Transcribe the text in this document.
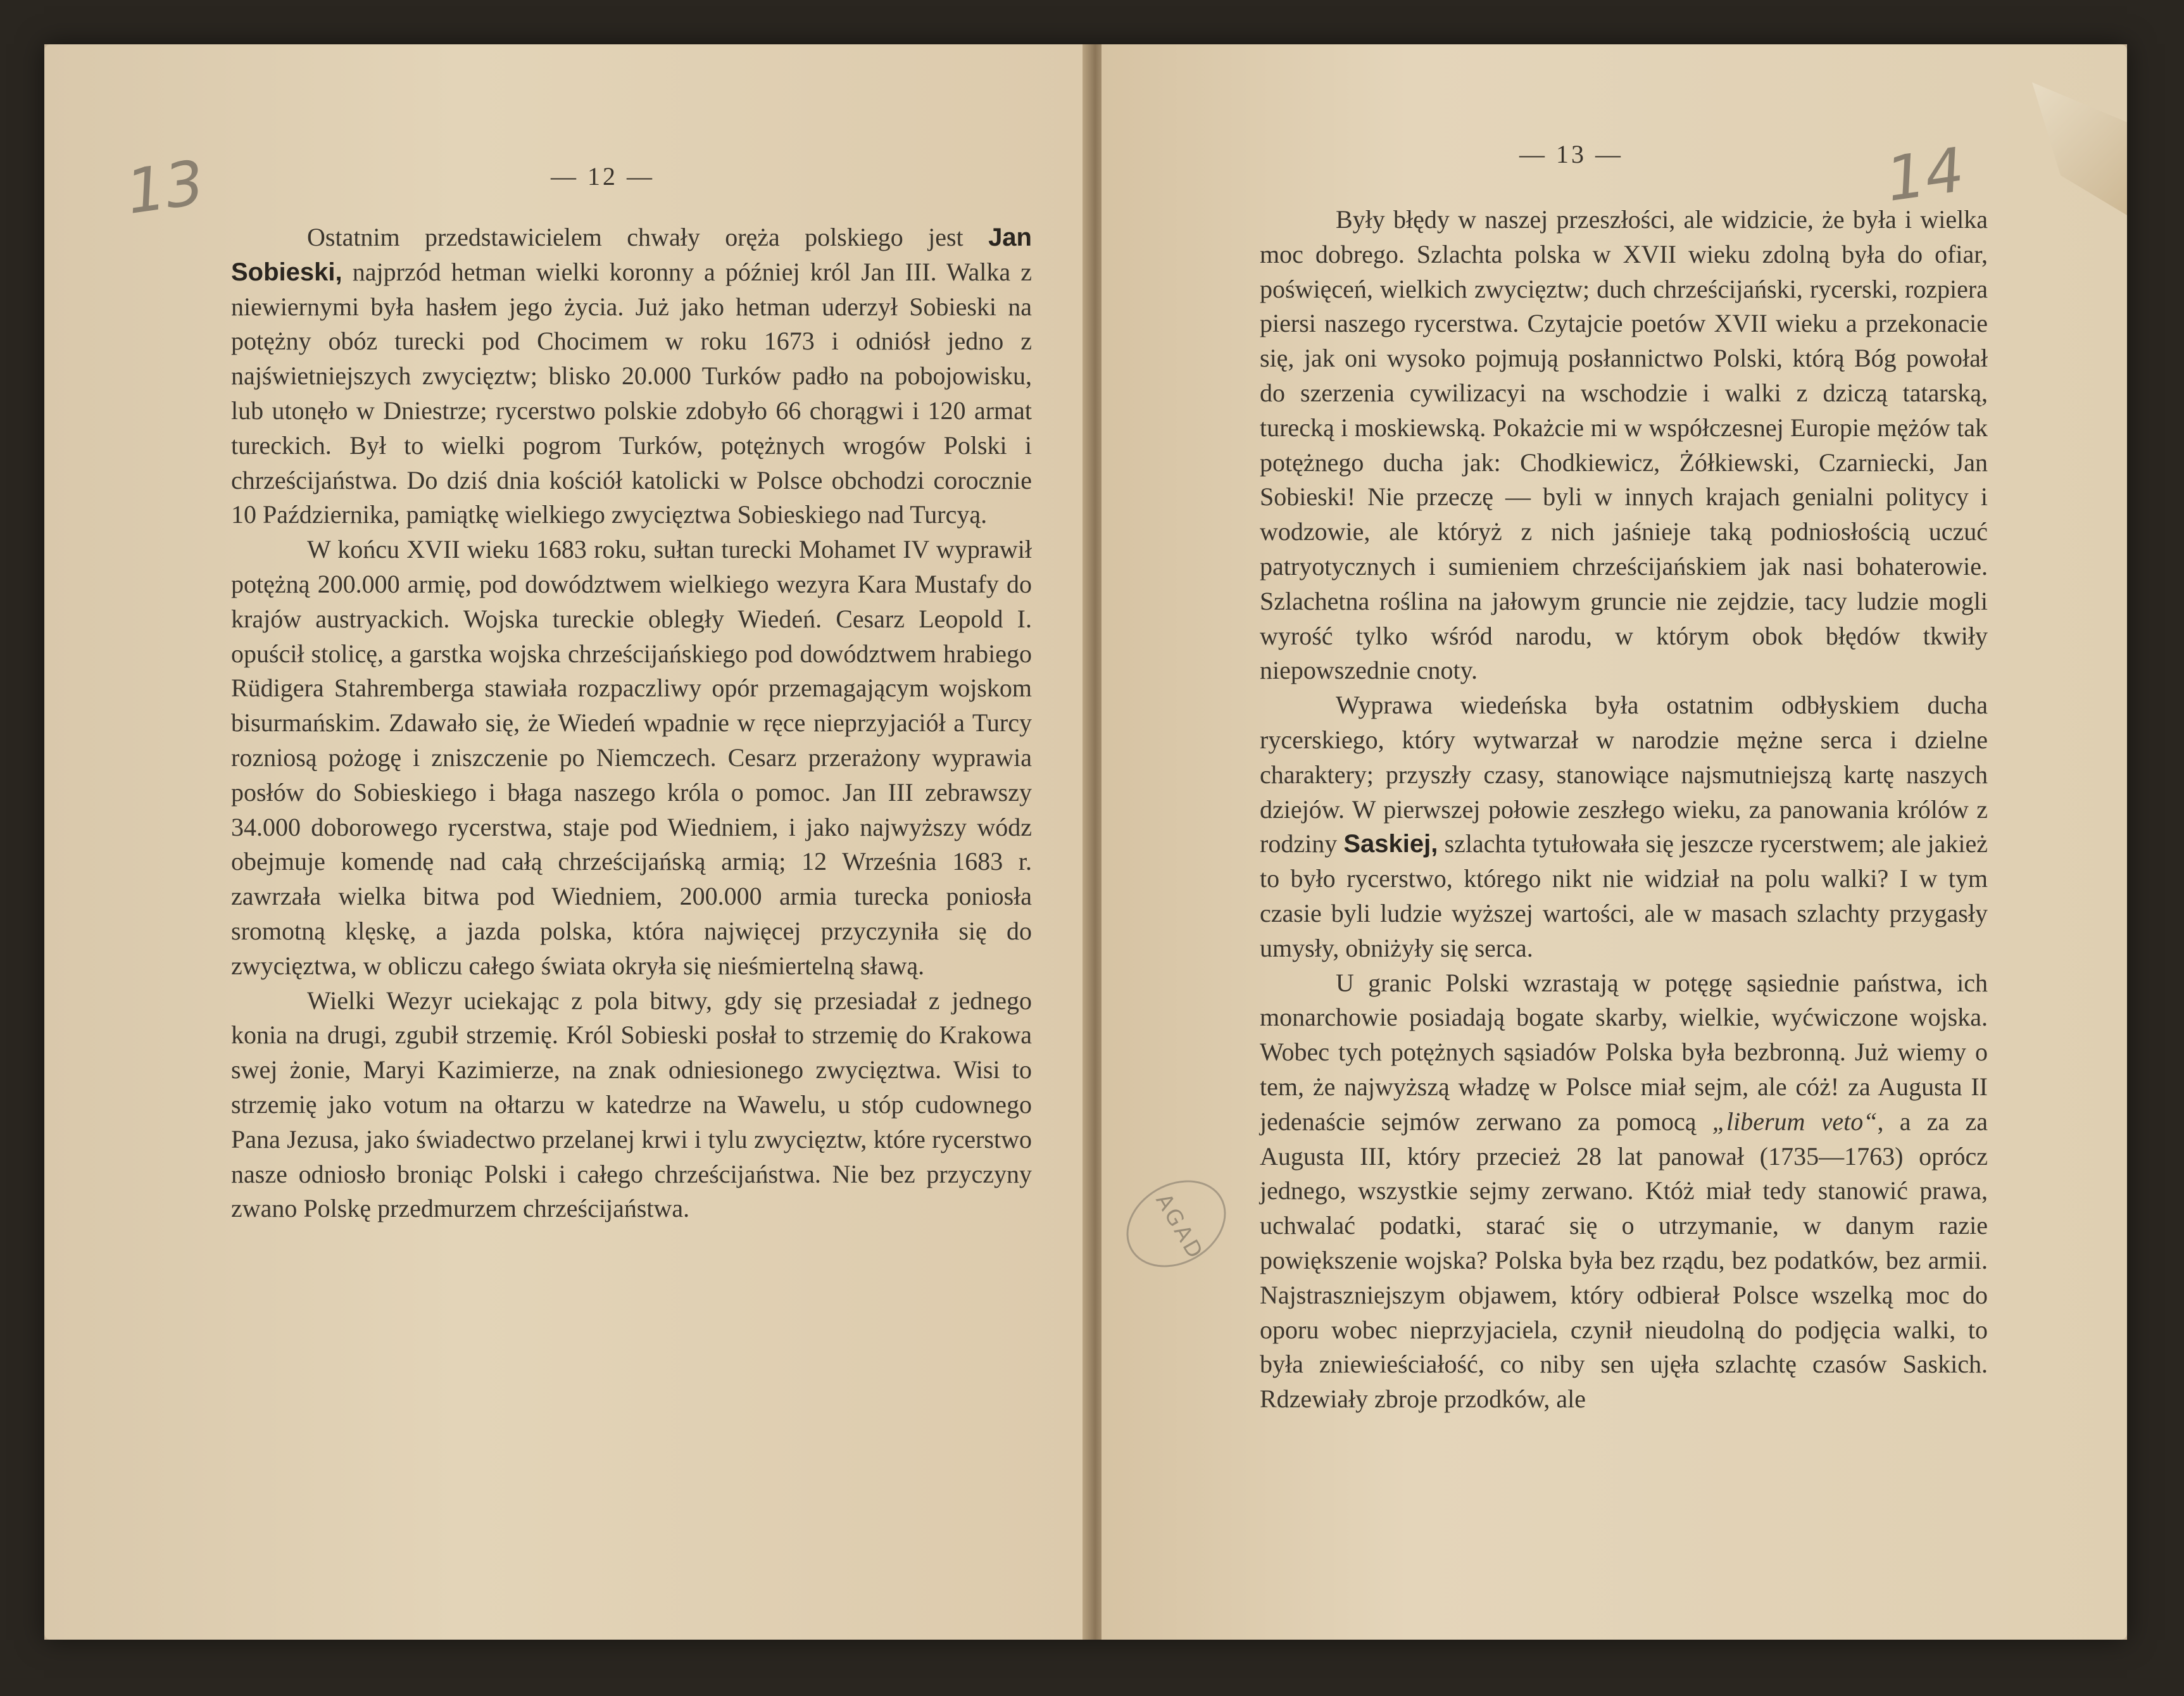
13	— 12 —

Ostatnim przedstawicielem chwały oręża polskiego jest Jan Sobieski, najprzód hetman wielki koronny a później król Jan III. Walka z niewiernymi była hasłem jego życia. Już jako hetman uderzył Sobieski na potężny obóz turecki pod Chocimem w roku 1673 i odniósł jedno z najświetniejszych zwycięztw; blisko 20.000 Turków padło na pobojowisku, lub utonęło w Dniestrze; rycerstwo polskie zdobyło 66 chorągwi i 120 armat tureckich. Był to wielki pogrom Turków, potężnych wrogów Polski i chrześcijaństwa. Do dziś dnia kościół katolicki w Polsce obchodzi corocznie 10 Października, pamiątkę wielkiego zwycięztwa Sobieskiego nad Turcyą.

W końcu XVII wieku 1683 roku, sułtan turecki Mohamet IV wyprawił potężną 200.000 armię, pod dowództwem wielkiego wezyra Kara Mustafy do krajów austryackich. Wojska tureckie obległy Wiedeń. Cesarz Leopold I. opuścił stolicę, a garstka wojska chrześcijańskiego pod dowództwem hrabiego Rüdigera Stahremberga stawiała rozpaczliwy opór przemagającym wojskom bisurmańskim. Zdawało się, że Wiedeń wpadnie w ręce nieprzyjaciół a Turcy rozniosą pożogę i zniszczenie po Niemczech. Cesarz przerażony wyprawia posłów do Sobieskiego i błaga naszego króla o pomoc. Jan III zebrawszy 34.000 doborowego rycerstwa, staje pod Wiedniem, i jako najwyższy wódz obejmuje komendę nad całą chrześcijańską armią; 12 Września 1683 r. zawrzała wielka bitwa pod Wiedniem, 200.000 armia turecka poniosła sromotną klęskę, a jazda polska, która najwięcej przyczyniła się do zwycięztwa, w obliczu całego świata okryła się nieśmiertelną sławą.

Wielki Wezyr uciekając z pola bitwy, gdy się przesiadał z jednego konia na drugi, zgubił strzemię. Król Sobieski posłał to strzemię do Krakowa swej żonie, Maryi Kazimierze, na znak odniesionego zwycięztwa. Wisi to strzemię jako votum na ołtarzu w katedrze na Wawelu, u stóp cudownego Pana Jezusa, jako świadectwo przelanej krwi i tylu zwycięztw, które rycerstwo nasze odniosło broniąc Polski i całego chrześcijaństwa. Nie bez przyczyny zwano Polskę przedmurzem chrześcijaństwa.

14
— 13 —

Były błędy w naszej przeszłości, ale widzicie, że była i wielka moc dobrego. Szlachta polska w XVII wieku zdolną była do ofiar, poświęceń, wielkich zwycięztw; duch chrześcijański, rycerski, rozpiera piersi naszego rycerstwa. Czytajcie poetów XVII wieku a przekonacie się, jak oni wysoko pojmują posłannictwo Polski, którą Bóg powołał do szerzenia cywilizacyi na wschodzie i walki z dziczą tatarską, turecką i moskiewską. Pokażcie mi w współczesnej Europie mężów tak potężnego ducha jak: Chodkiewicz, Żółkiewski, Czarniecki, Jan Sobieski! Nie przeczę — byli w innych krajach genialni politycy i wodzowie, ale któryż z nich jaśnieje taką podniosłością uczuć patryotycznych i sumieniem chrześcijańskiem jak nasi bohaterowie. Szlachetna roślina na jałowym gruncie nie zejdzie, tacy ludzie mogli wyrość tylko wśród narodu, w którym obok błędów tkwiły niepowszednie cnoty.

Wyprawa wiedeńska była ostatnim odbłyskiem ducha rycerskiego, który wytwarzał w narodzie mężne serca i dzielne charaktery; przyszły czasy, stanowiące najsmutniejszą kartę naszych dziejów. W pierwszej połowie zeszłego wieku, za panowania królów z rodziny Saskiej, szlachta tytułowała się jeszcze rycerstwem; ale jakież to było rycerstwo, którego nikt nie widział na polu walki? I w tym czasie byli ludzie wyższej wartości, ale w masach szlachty przygasły umysły, obniżyły się serca.

U granic Polski wzrastają w potęgę sąsiednie państwa, ich monarchowie posiadają bogate skarby, wielkie, wyćwiczone wojska. Wobec tych potężnych sąsiadów Polska była bezbronną. Już wiemy o tem, że najwyższą władzę w Polsce miał sejm, ale cóż! za Augusta II jedenaście sejmów zerwano za pomocą „liberum veto“, a za za Augusta III, który przecież 28 lat panował (1735—1763) oprócz jednego, wszystkie sejmy zerwano. Któż miał tedy stanowić prawa, uchwalać podatki, starać się o utrzymanie, w danym razie powiększenie wojska? Polska była bez rządu, bez podatków, bez armii. Najstraszniejszym objawem, który odbierał Polsce wszelką moc do oporu wobec nieprzyjaciela, czynił nieudolną do podjęcia walki, to była zniewieściałość, co niby sen ujęła szlachtę czasów Saskich. Rdzewiały zbroje przodków, ale

AGAD
